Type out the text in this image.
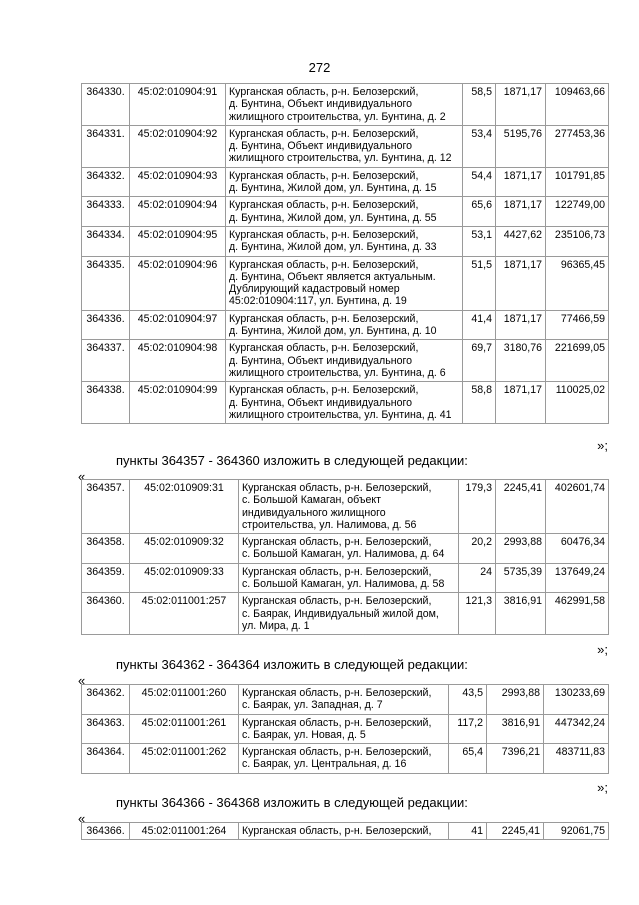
272
364330.	45:02:010904:91	Курганская область, р-н. Белозерский,
д. Бунтина, Объект индивидуального
жилищного строительства, ул. Бунтина, д. 2	58,5	1871,17	109463,66
364331.	45:02:010904:92	Курганская область, р-н. Белозерский,
д. Бунтина, Объект индивидуального
жилищного строительства, ул. Бунтина, д. 12	53,4	5195,76	277453,36
364332.	45:02:010904:93	Курганская область, р-н. Белозерский,
д. Бунтина, Жилой дом, ул. Бунтина, д. 15	54,4	1871,17	101791,85
364333.	45:02:010904:94	Курганская область, р-н. Белозерский,
д. Бунтина, Жилой дом, ул. Бунтина, д. 55	65,6	1871,17	122749,00
364334.	45:02:010904:95	Курганская область, р-н. Белозерский,
д. Бунтина, Жилой дом, ул. Бунтина, д. 33	53,1	4427,62	235106,73
364335.	45:02:010904:96	Курганская область, р-н. Белозерский,
д. Бунтина, Объект является актуальным.
Дублирующий кадастровый номер
45:02:010904:117, ул. Бунтина, д. 19	51,5	1871,17	96365,45
364336.	45:02:010904:97	Курганская область, р-н. Белозерский,
д. Бунтина, Жилой дом, ул. Бунтина, д. 10	41,4	1871,17	77466,59
364337.	45:02:010904:98	Курганская область, р-н. Белозерский,
д. Бунтина, Объект индивидуального
жилищного строительства, ул. Бунтина, д. 6	69,7	3180,76	221699,05
364338.	45:02:010904:99	Курганская область, р-н. Белозерский,
д. Бунтина, Объект индивидуального
жилищного строительства, ул. Бунтина, д. 41	58,8	1871,17	110025,02
»;
пункты 364357 - 364360 изложить в следующей редакции:
«
364357.	45:02:010909:31	Курганская область, р-н. Белозерский,
с. Большой Камаган, объект
индивидуального жилищного
строительства, ул. Налимова, д. 56	179,3	2245,41	402601,74
364358.	45:02:010909:32	Курганская область, р-н. Белозерский,
с. Большой Камаган, ул. Налимова, д. 64	20,2	2993,88	60476,34
364359.	45:02:010909:33	Курганская область, р-н. Белозерский,
с. Большой Камаган, ул. Налимова, д. 58	24	5735,39	137649,24
364360.	45:02:011001:257	Курганская область, р-н. Белозерский,
с. Баярак, Индивидуальный жилой дом,
ул. Мира, д. 1	121,3	3816,91	462991,58
»;
пункты 364362 - 364364 изложить в следующей редакции:
«
364362.	45:02:011001:260	Курганская область, р-н. Белозерский,
с. Баярак, ул. Западная, д. 7	43,5	2993,88	130233,69
364363.	45:02:011001:261	Курганская область, р-н. Белозерский,
с. Баярак, ул. Новая, д. 5	117,2	3816,91	447342,24
364364.	45:02:011001:262	Курганская область, р-н. Белозерский,
с. Баярак, ул. Центральная, д. 16	65,4	7396,21	483711,83
»;
пункты 364366 - 364368 изложить в следующей редакции:
«
364366.	45:02:011001:264	Курганская область, р-н. Белозерский,	41	2245,41	92061,75
